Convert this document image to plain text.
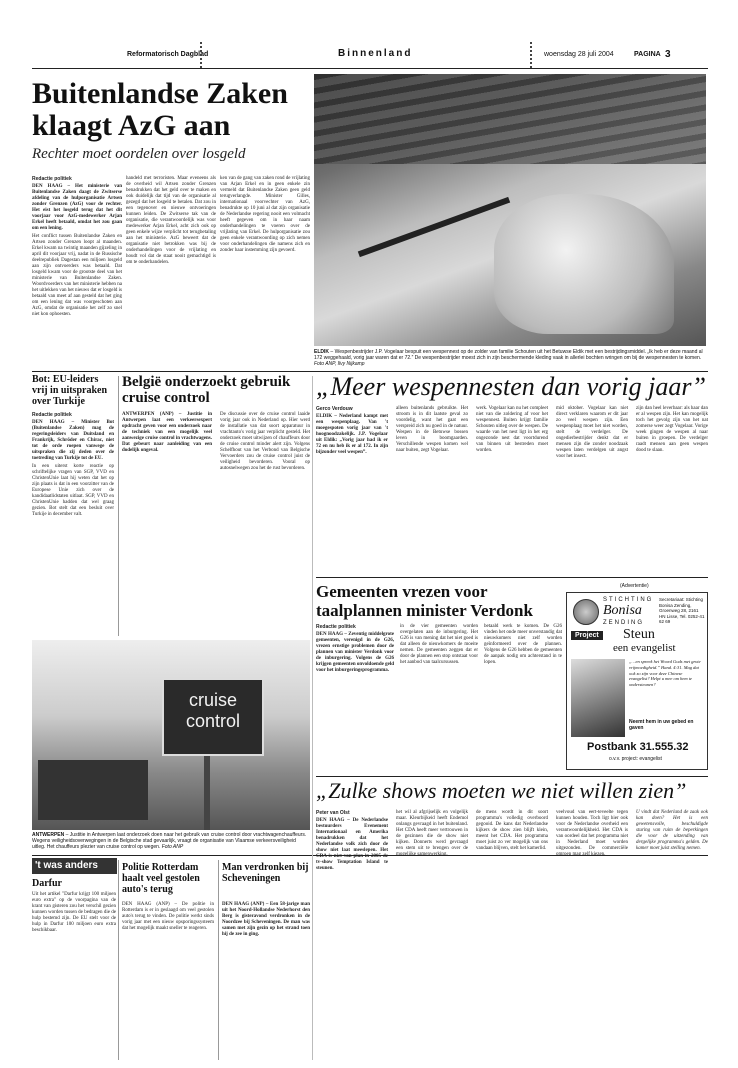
Reformatorisch Dagblad	Binnenland	woensdag 28 juli 2004	PAGINA 3
Buitenlandse Zaken klaagt AzG aan
Rechter moet oordelen over losgeld

Redactie politiek

DEN HAAG – Het ministerie van Buitenlandse Zaken daagt de Zwitserse afdeling van de hulporganisatie Artsen zonder Grenzen (AzG) voor de rechter. Het eist het losgeld terug dat het dit voorjaar voor AzG-medewerker Arjan Erkel heeft betaald, omdat het zou gaan om een lening.

Het conflict tussen Buitenlandse Zaken en Artsen zonder Grenzen loopt al maanden. Erkel kwam na twintig maanden gijzeling in april dit voorjaar vrij, nadat in de Russische deelrepubliek Dagestan een miljoen losgeld aan zijn ontvoerders was betaald. Dat losgeld kwam voor de grootste deel van het ministerie van Buitenlandse Zaken. Woordvoerders van het ministerie hebben na het uitlekken van het nieuws dat er losgeld is betaald van meet af aan gesteld dat het ging om een lening dat was voorgeschoten aan AzG, omdat de organisatie het zelf zo snel niet kon ophoesten.

handeld met terroristen. Maar eveneens als de overheid wil Artsen zonder Grenzen benadrukken dat het geld over te maken en ook duidelijk dat tijd van de organisatie al gezegd dat het losgeld te betalen. Dat zou in een tegenover en nieuwe ontvoeringen kunnen leiden. De Zwitserse tak van de organisatie, die verantwoordelijk was voor medewerker Arjan Erkel, acht zich ook op geen enkele wijze verplicht tot terugbetaling aan het ministerie. AzG beweert dat de organisatie niet betrokken was bij de onderhandelingen voor de vrijlating en houdt vol dat de staat nooit gemachtigd is om te onderhandelen.

ken van de gang van zaken rond de vrijlating van Arjan Erkel en in geen enkele zin vermeld dat Buitenlandse Zaken geen geld terugverlangde. Minister Gilles, internationaal voorvechter van AzG, benadrukte op 10 juni al dat zijn organisatie de Nederlandse regering nooit een volmacht heeft gegeven om in haar naam onderhandelingen te voeren over de vrijlating van Erkel. De hulporganisatie zou geen enkele verantwoording op zich nemen voor onderhandelingen die namens zich en zonder haar instemming zijn gevoerd.

ELDIK – Wespenbestrijder J.P. Vogelaar bespuit een wespennest op de zolder van familie Schouten uit het Betuwse Eldik met een bestrijdingsmiddel. „Ik heb er deze maand al 172 weggehaald, vorig jaar waren dat er 72.” De wespenbestrijder moest zich in zijn beschermende kleding vaak in allerlei bochten wringen om bij de wespennesten te komen. Foto ANP, Ilvy Nijkamp
Bot: EU-leiders vrij in uitspraken over Turkije

Redactie politiek

DEN HAAG – Minister Bot (Buitenlandse Zaken) mag de regeringsleiders van Duitsland en Frankrijk, Schröder en Chirac, niet tot de orde roepen vanwege de uitspraken die zij deden over de toetreding van Turkije tot de EU.

In een uiterst korte reactie op schriftelijke vragen van SGP, VVD en ChristenUnie laat hij weten dat het op zijn plaats is dat in een voorzitter van de Europese Unie zich over de kandidaatlidstaten uitlaat. SGP, VVD en ChristenUnie hadden dat wel graag gezien. Bot stelt dat een besluit over Turkije in december valt.

België onderzoekt gebruik cruise control

ANTWERPEN (ANP) – Justitie in Antwerpen laat een verkeersexpert opdracht geven voor een onderzoek naar de techniek van een mogelijk veel aanwezige cruise control in vrachtwagens. Dat gebeurt naar aanleiding van een dodelijk ongeval.

De discussie over de cruise control laaide vorig jaar ook in Nederland op. Hier werd de installatie van dat soort apparatuur in vrachtauto's vorig jaar verplicht gesteld. Het onderzoek moet uitwijzen of chauffeurs door de cruise control minder alert zijn. Volgens Schelfhout van het Verbond van Belgische Vervoerders zou de cruise control juist de veiligheid bevorderen. Vooral op autosnelwegen zou het de rust bevorderen.

cruise
control
ANTWERPEN – Justitie in Antwerpen laat onderzoek doen naar het gebruik van cruise control door vrachtwagenchauffeurs. Wegens veiligheidsoverwegingen in de Belgische stad gevaarlijk, vraagt de organisatie van Vlaamse verkeersveiligheid uitleg. Het chauffeurs plezier van cruise control op wegen. Foto ANP
't was anders
Darfur

Uit het artikel "Darfur krijgt 100 miljoen euro extra" op de voorpagina van de krant van gisteren zou het verschil gezien kunnen worden tussen de bedragen die de hulp bestemd zijn. De EU stelt voor de hulp in Darfur 100 miljoen euro extra beschikbaar.

Politie Rotterdam haalt veel gestolen auto's terug

DEN HAAG (ANP) – De politie in Rotterdam is er in geslaagd om veel gestolen auto's terug te vinden. De politie werkt sinds vorig jaar met een nieuw opsporingssysteem dat het mogelijk maakt sneller te reageren.

Man verdronken bij Scheveningen

DEN HAAG (ANP) – Een 58-jarige man uit het Noord-Hollandse Nederhorst den Berg is gisteravond verdronken in de Noordzee bij Scheveningen. De man was samen met zijn gezin op het strand toen hij de zee in ging.

„Meer wespennesten dan vorig jaar”

Gerco Verdouw

ELDIK – Nederland kampt met een wespenplaag. Van 't moegespoten vorig jaar van 't hoognoodzakelijk. J.P. Vogelaar uit Eldik: „Vorig jaar had ik er 72 en nu heb ik er al 172. In zijn bijzonder veel wespen”.

alleen buitenlands gebruikte. Het stroom is in dit laatste geval zo voordelig, want het gaat een verspreid zich nu goed in de natuur. Wespen in de Betuwse bossen leven in boomgaarden. Verschillende wespen komen wel naar buiten, zegt Vogelaar.

werk. Vogelaar kan nu het compleet niet van die zoldering af voor het wespennest. Buiten krijgt familie Schouten uitleg over de wespen. De waarde van het nest ligt in het erg ongezonde nest dat voortdurend van binnen uit bestreden moet worden.

mid oktober. Vogelaar kan niet direct verklaren waarom er dit jaar zo veel wespen zijn. Een wespenplaag moet het niet worden, stelt de verdelger. De ongedierbestrijder denkt dat er mensen zijn die zonder noodzaak wespen laten verdelgen uit angst voor het insect.

zijn dan heel leverbaar: als haar dan er al wespen zijn. Het kan mogelijk toch het gevolg zijn van het nat zomerse weer zegt Vogelaar. Vorige week gingen de wespen al naar buiten in groepen. De verdelger raadt mensen aan geen wespen dood te slaan.

Gemeenten vrezen voor taalplannen minister Verdonk

Redactie politiek

DEN HAAG – Zeventig middelgrote gemeenten, verenigd in de G26, vrezen ernstige problemen door de plannen van minister Verdonk voor de inburgering. Volgens de G26 krijgen gemeenten onvoldoende geld voor het inburgeringsprogramma.

in de vier gemeenten worden overgelaten aan de inburgering. Het G26 is van mening dat het niet goed is dat alleen de nieuwkomers de moeite nemen. De gemeenten zeggen dat er door de plannen een stop ontstaat voor het aanbod van taalcursussen.

betaald werk te komen. De G26 vinden het onde meer onverstandig dat nieuwkomers niet zelf worden geïnformeerd over de plannen. Volgens de G26 hebben de gemeenten de aanpak nodig om achterstand in te lopen.

(Advertentie)
STICHTING
Bonisa
ZENDING
Secretariaat: Stichting Bonisa Zending, Groenweg 28, 2161 HN Lisse, Tel. 0252-41 62 69
Project Steun
een evangelist
„…en spreek het Woord Gods met grote vrijmoedigheid.” Hand. 4:31. Mag dat ook zo zijn voor deze Chinese evangelist? Helpt u mee om hem te ondersteunen?
Neemt hem in uw gebed en gaven
Postbank 31.555.32
o.v.v. project: evangelist
„Zulke shows moeten we niet willen zien”

Peter van Olst

DEN HAAG – De Nederlandse bestuurders Evenement Internationaal en Amerika benadrukken dat het Nederlandse volk zich door de show niet laat meeslepen. Het CDA is niet van plan in 2005 de tv-show Temptation Island te steunen.

het wil al afgrijselijk en volgelijk maar. Kleurbijkeid heeft Endemol onlangs gevraagd in het buitenland. Het CDA heeft meer vertrouwen in de gezinnen die de show niet kijken. Donnerts werd gevraagd een stem uit te brengen over de mogelijke samenwerking.

de mens wordt in dit soort programma's volledig overboord gegooid. De kans dat Nederlandse kijkers de show zien blijft klein, meent het CDA. Het programma moet juist zo ver mogelijk van ons vandaan blijven, stelt het kamerlid.

veelvoud van eert-teveelte tegen kunnen houden. Toch ligt hier ook voor de Nederlandse overheid een verantwoordelijkheid. Het CDA is van oordeel dat het programma niet in Nederland moet worden uitgezonden. De commerciële omroep mag zelf kiezen.

U vindt dat Nederland de zaak ook kan doen? Het is een gewetensvolle, beschuldigde sturing van ruim de beperkingen die voor de uitzending van dergelijke programma's gelden. De kamer moet juist stelling nemen.
